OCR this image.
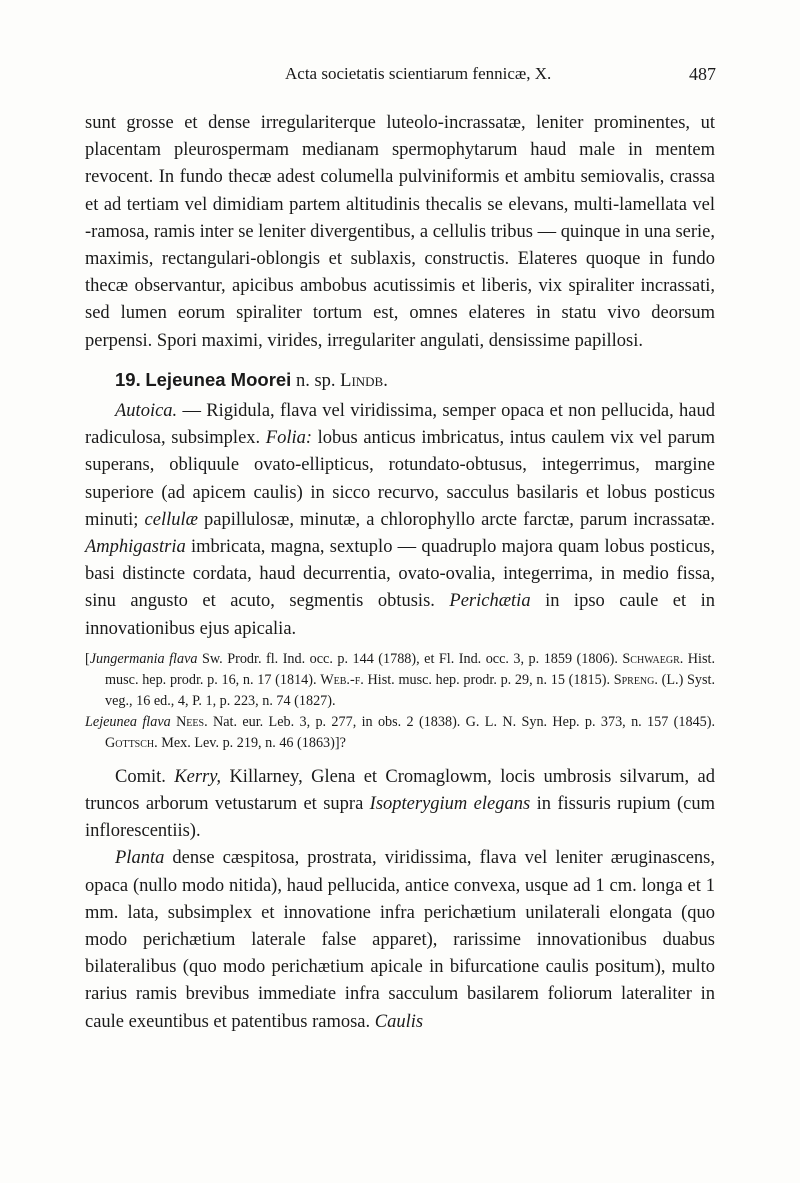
Acta societatis scientiarum fennicæ, X.	487

sunt grosse et dense irregulariterque luteolo-incrassatæ, leniter prominentes, ut placentam pleurospermam medianam spermophytarum haud male in mentem revocent. In fundo thecæ adest columella pulviniformis et ambitu semiovalis, crassa et ad tertiam vel dimidiam partem altitudinis thecalis se elevans, multi-lamellata vel -ramosa, ramis inter se leniter divergentibus, a cellulis tribus — quinque in una serie, maximis, rectangulari-oblongis et sublaxis, constructis. Elateres quoque in fundo thecæ observantur, apicibus ambobus acutissimis et liberis, vix spiraliter incrassati, sed lumen eorum spiraliter tortum est, omnes elateres in statu vivo deorsum perpensi. Spori maximi, virides, irregulariter angulati, densissime papillosi.

19. Lejeunea Moorei n. sp. Lindb.

Autoica. — Rigidula, flava vel viridissima, semper opaca et non pellucida, haud radiculosa, subsimplex. Folia: lobus anticus imbricatus, intus caulem vix vel parum superans, obliquule ovato-ellipticus, rotundato-obtusus, integerrimus, margine superiore (ad apicem caulis) in sicco recurvo, sacculus basilaris et lobus posticus minuti; cellulæ papillulosæ, minutæ, a chlorophyllo arcte farctæ, parum incrassatæ. Amphigastria imbricata, magna, sextuplo — quadruplo majora quam lobus posticus, basi distincte cordata, haud decurrentia, ovato-ovalia, integerrima, in medio fissa, sinu angusto et acuto, segmentis obtusis. Perichætia in ipso caule et in innovationibus ejus apicalia.

[Jungermania flava Sw. Prodr. fl. Ind. occ. p. 144 (1788), et Fl. Ind. occ. 3, p. 1859 (1806). Schwaegr. Hist. musc. hep. prodr. p. 16, n. 17 (1814). Web.-f. Hist. musc. hep. prodr. p. 29, n. 15 (1815). Spreng. (L.) Syst. veg., 16 ed., 4, P. 1, p. 223, n. 74 (1827).

Lejeunea flava Nees. Nat. eur. Leb. 3, p. 277, in obs. 2 (1838). G. L. N. Syn. Hep. p. 373, n. 157 (1845). Gottsch. Mex. Lev. p. 219, n. 46 (1863)]?

Comit. Kerry, Killarney, Glena et Cromaglowm, locis umbrosis silvarum, ad truncos arborum vetustarum et supra Isopterygium elegans in fissuris rupium (cum inflorescentiis).

Planta dense cæspitosa, prostrata, viridissima, flava vel leniter æruginascens, opaca (nullo modo nitida), haud pellucida, antice convexa, usque ad 1 cm. longa et 1 mm. lata, subsimplex et innovatione infra perichætium unilaterali elongata (quo modo perichætium laterale false apparet), rarissime innovationibus duabus bilateralibus (quo modo perichætium apicale in bifurcatione caulis positum), multo rarius ramis brevibus immediate infra sacculum basilarem foliorum lateraliter in caule exeuntibus et patentibus ramosa. Caulis
